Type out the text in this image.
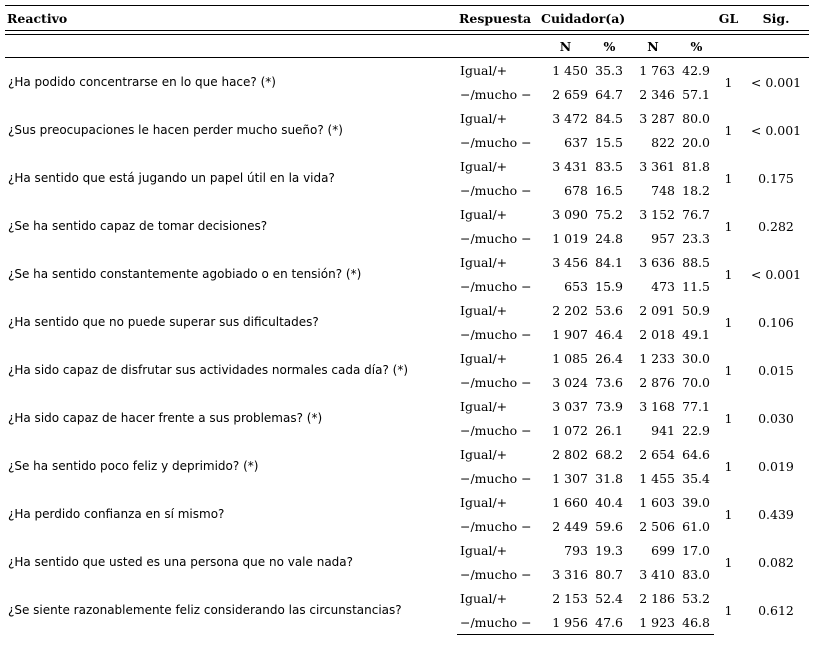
Reactivo	Respuesta	Cuidador(a)				GL	Sig.

		N	%	N	%		
¿Ha podido concentrarse en lo que hace? (*)	Igual/+	1 450	35.3	1 763	42.9	1	< 0.001
	−/mucho −	2 659	64.7	2 346	57.1		
¿Sus preocupaciones le hacen perder mucho sueño? (*)	Igual/+	3 472	84.5	3 287	80.0	1	< 0.001
	−/mucho −	637	15.5	822	20.0		
¿Ha sentido que está jugando un papel útil en la vida?	Igual/+	3 431	83.5	3 361	81.8	1	0.175
	−/mucho −	678	16.5	748	18.2		
¿Se ha sentido capaz de tomar decisiones?	Igual/+	3 090	75.2	3 152	76.7	1	0.282
	−/mucho −	1 019	24.8	957	23.3		
¿Se ha sentido constantemente agobiado o en tensión? (*)	Igual/+	3 456	84.1	3 636	88.5	1	< 0.001
	−/mucho −	653	15.9	473	11.5		
¿Ha sentido que no puede superar sus dificultades?	Igual/+	2 202	53.6	2 091	50.9	1	0.106
	−/mucho −	1 907	46.4	2 018	49.1		
¿Ha sido capaz de disfrutar sus actividades normales cada día? (*)	Igual/+	1 085	26.4	1 233	30.0	1	0.015
	−/mucho −	3 024	73.6	2 876	70.0		
¿Ha sido capaz de hacer frente a sus problemas? (*)	Igual/+	3 037	73.9	3 168	77.1	1	0.030
	−/mucho −	1 072	26.1	941	22.9		
¿Se ha sentido poco feliz y deprimido? (*)	Igual/+	2 802	68.2	2 654	64.6	1	0.019
	−/mucho −	1 307	31.8	1 455	35.4		
¿Ha perdido confianza en sí mismo?	Igual/+	1 660	40.4	1 603	39.0	1	0.439
	−/mucho −	2 449	59.6	2 506	61.0		
¿Ha sentido que usted es una persona que no vale nada?	Igual/+	793	19.3	699	17.0	1	0.082
	−/mucho −	3 316	80.7	3 410	83.0		
¿Se siente razonablemente feliz considerando las circunstancias?	Igual/+	2 153	52.4	2 186	53.2	1	0.612
	−/mucho −	1 956	47.6	1 923	46.8		
